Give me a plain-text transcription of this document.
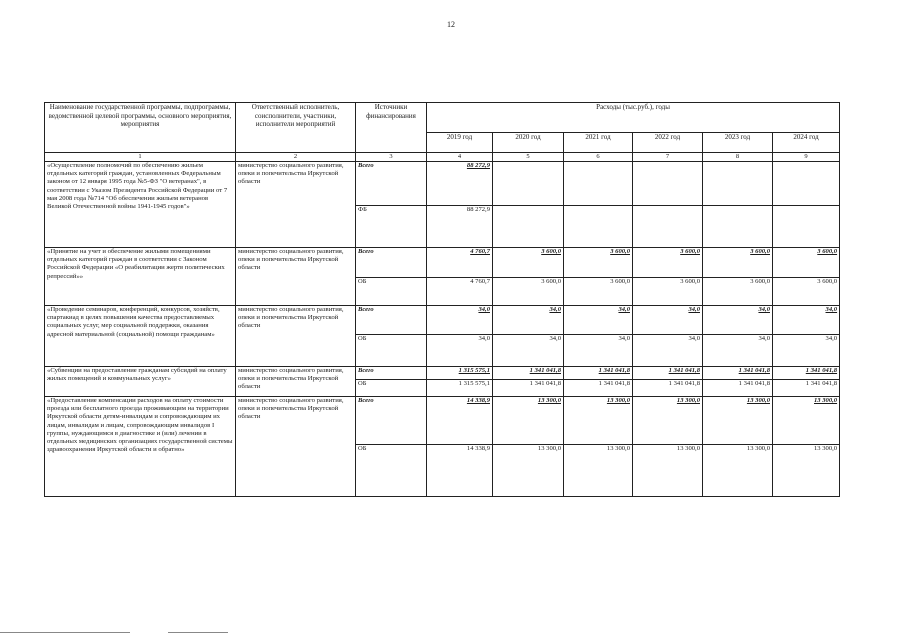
12
Наименование государственной программы, подпрограммы, ведомственной целевой программы, основного мероприятия, мероприятия	Ответственный исполнитель, соисполнители, участники, исполнители мероприятий	Источники финансирования	Расходы (тыс.руб.), годы					
			2019 год	2020 год	2021 год	2022 год	2023 год	2024 год
1	2	3	4	5	6	7	8	9
«Осуществление полномочий по обеспечению жильем отдельных категорий граждан, установленных Федеральным законом от 12 января 1995 года №5-ФЗ "О ветеранах", в соответствии с Указом Президента Российской Федерации от 7 мая 2008 года №714 "Об обеспечении жильем ветеранов Великой Отечественной войны 1941-1945 годов"»	министерство социального развития, опеки и попечительства Иркутской области	Всего	88 272,9					
		ФБ	88 272,9					
«Принятие на учет и обеспечение жилыми помещениями отдельных категорий граждан в соответствии с Законом Российской Федерации «О реабилитации жертв политических репрессий»»	министерство социального развития, опеки и попечительства Иркутской области	Всего	4 760,7	3 600,0	3 600,0	3 600,0	3 600,0	3 600,0
		ОБ	4 760,7	3 600,0	3 600,0	3 600,0	3 600,0	3 600,0
«Проведение семинаров, конференций, конкурсов, хозяйств, спартакиад в целях повышения качества предоставляемых социальных услуг, мер социальной поддержки, оказания адресной материальной (социальной) помощи гражданам»	министерство социального развития, опеки и попечительства Иркутской области	Всего	34,0	34,0	34,0	34,0	34,0	34,0
		ОБ	34,0	34,0	34,0	34,0	34,0	34,0
«Субвенции на предоставление гражданам субсидий на оплату жилых помещений и коммунальных услуг»	министерство социального развития, опеки и попечительства Иркутской области	Всего	1 315 575,1	1 341 041,8	1 341 041,8	1 341 041,8	1 341 041,8	1 341 041,8
		ОБ	1 315 575,1	1 341 041,8	1 341 041,8	1 341 041,8	1 341 041,8	1 341 041,8
«Предоставление компенсации расходов на оплату стоимости проезда или бесплатного проезда проживающим на территории Иркутской области детям-инвалидам и сопровождающим их лицам, инвалидам и лицам, сопровождающим инвалидов I группы, нуждающимся в диагностике и (или) лечении в отдельных медицинских организациях государственной системы здравоохранения Иркутской области и обратно»	министерство социального развития, опеки и попечительства Иркутской области	Всего	14 338,9	13 300,0	13 300,0	13 300,0	13 300,0	13 300,0
		ОБ	14 338,9	13 300,0	13 300,0	13 300,0	13 300,0	13 300,0
